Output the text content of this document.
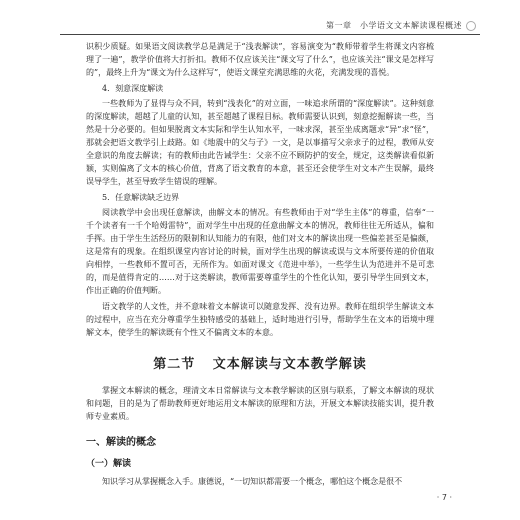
第一章　小学语文文本解读课程概述

识积少质疑。如果语文阅读教学总是满足于“浅表解读”，容易演变为“教师带着学生将课文内容梳理了一遍”，教学价值将大打折扣。教师不仅应该关注“课文写了什么”，也应该关注“课文是怎样写的”，最终上升为“课文为什么这样写”，使语文课堂充满思维的火花，充满发现的喜悦。

4．刻意深度解读

一些教师为了显得与众不同，转到“浅表化”的对立面，一味追求所谓的“深度解读”。这种刻意的深度解读，超越了儿童的认知，甚至超越了课程目标。教师需要认识到，刻意挖掘解读一些，当然是十分必要的。但如果脱离文本实际和学生认知水平，一味求深，甚至坐成离题求“异”求“怪”，那就会把语文教学引上歧路。如《地震中的父与子》一文，是以事描写父亲求子的过程，教师从安全意识的角度去解读；有的教师由此告诫学生：父亲不应不顾防护的安全，规定，这类解读看似新颖，实则偏离了文本的核心价值，背离了语文教育的本意，甚至还会使学生对文本产生误解，最终误导学生，甚至导致学生错误的理解。

5．任意解读缺乏边界

阅读教学中会出现任意解读，曲解文本的情况。有些教师由于对“学生主体”的尊重，信奉“一千个读者有一千个哈姆雷特”，面对学生中出现的任意曲解文本的情况，教师往往无所适从，偏和手挥。由于学生生活经历的限制和认知能力的有限，他们对文本的解读出现一些偏差甚至是偏颇，这是常有的现象。在组织课堂内容讨论的时候，面对学生出现的解读或误与文本所要传递的价值取向相悖，一些教师不置可否，无所作为。如面对课文《范进中举》，一些学生认为范进并不是可悲的，而是值得肯定的……对于这类解读，教师需要尊重学生的个性化认知，要引导学生回到文本，作出正确的价值判断。

语文教学的人文性，并不意味着文本解读可以随意发挥、没有边界。教师在组织学生解读文本的过程中，应当在充分尊重学生独特感受的基础上，适时地进行引导，帮助学生在文本的语境中理解文本，使学生的解读既有个性又不偏离文本的本意。

第二节 文本解读与文本教学解读

掌握文本解读的概念，理清文本日常解读与文本教学解读的区别与联系，了解文本解读的现状和问题，目的是为了帮助教师更好地运用文本解读的原理和方法，开展文本解读技能实训，提升教师专业素质。

一、解读的概念
（一）解读

知识学习从掌握概念入手。康德说，“一切知识都需要一个概念，哪怕这个概念是很不

· 7 ·
